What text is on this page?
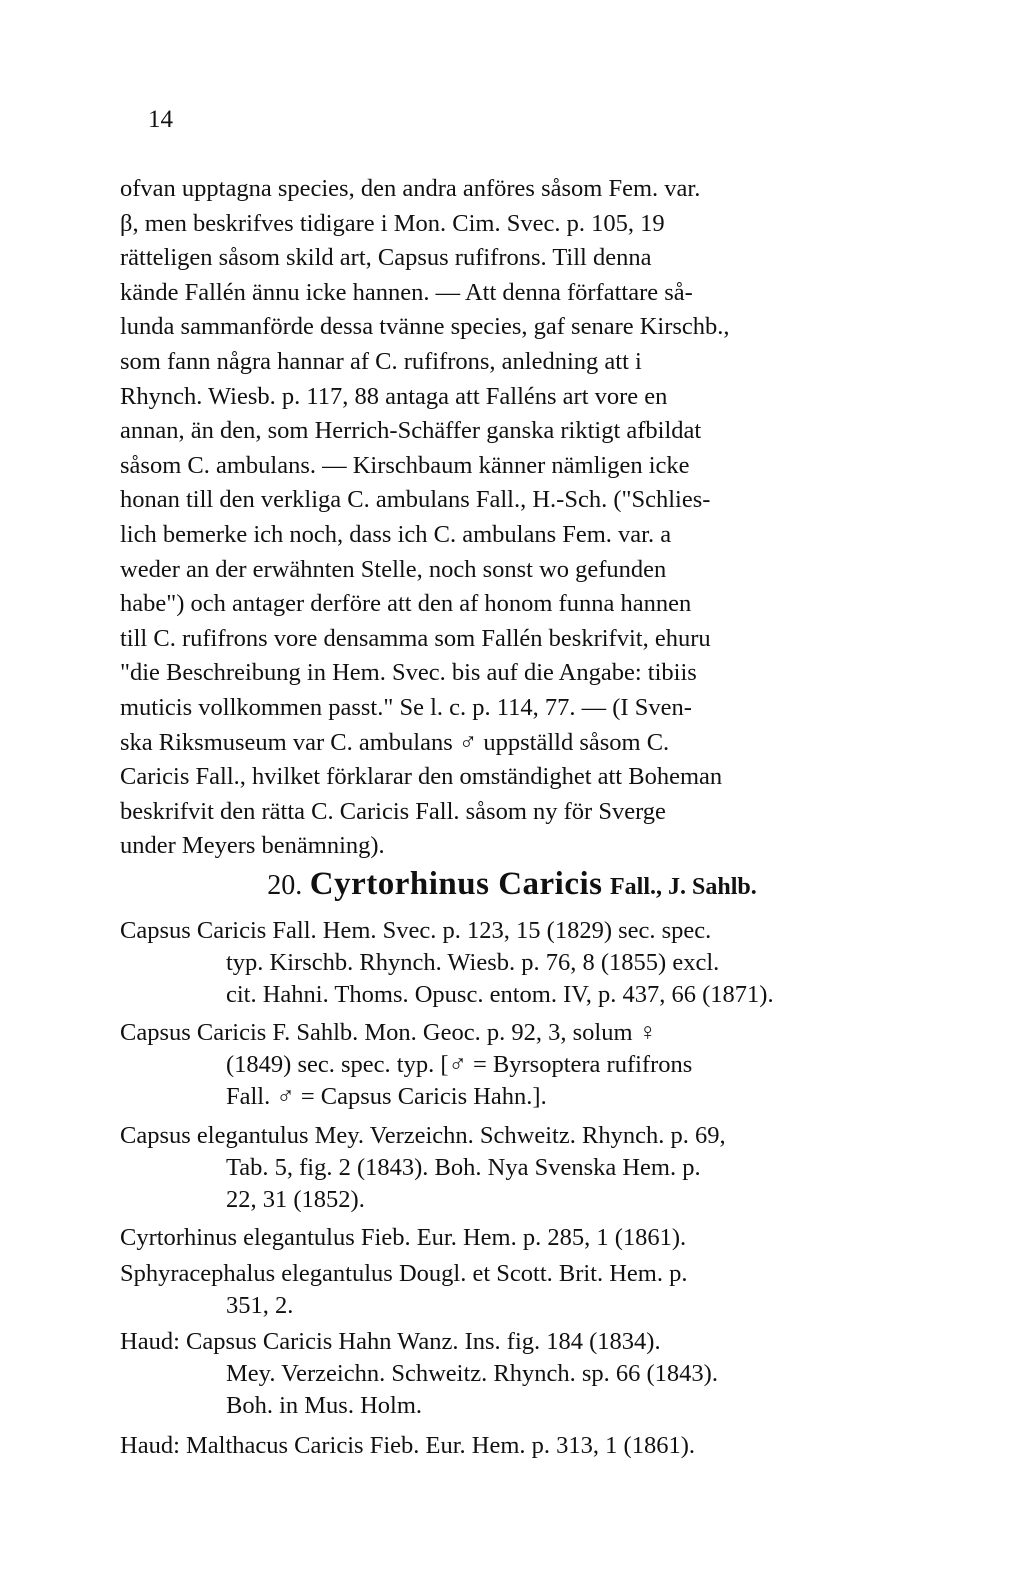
14
ofvan upptagna species, den andra anföres såsom Fem. var.
β, men beskrifves tidigare i Mon. Cim. Svec. p. 105, 19
rätteligen såsom skild art, Capsus rufifrons. Till denna
kände Fallén ännu icke hannen. — Att denna författare så-
lunda sammanförde dessa tvänne species, gaf senare Kirschb.,
som fann några hannar af C. rufifrons, anledning att i
Rhynch. Wiesb. p. 117, 88 antaga att Falléns art vore en
annan, än den, som Herrich-Schäffer ganska riktigt afbildat
såsom C. ambulans. — Kirschbaum känner nämligen icke
honan till den verkliga C. ambulans Fall., H.-Sch. ("Schlies-
lich bemerke ich noch, dass ich C. ambulans Fem. var. a
weder an der erwähnten Stelle, noch sonst wo gefunden
habe") och antager derföre att den af honom funna hannen
till C. rufifrons vore densamma som Fallén beskrifvit, ehuru
"die Beschreibung in Hem. Svec. bis auf die Angabe: tibiis
muticis vollkommen passt." Se l. c. p. 114, 77. — (I Sven-
ska Riksmuseum var C. ambulans ♂ uppställd såsom C.
Caricis Fall., hvilket förklarar den omständighet att Boheman
beskrifvit den rätta C. Caricis Fall. såsom ny för Sverge
under Meyers benämning).
20. Cyrtorhinus Caricis Fall., J. Sahlb.
Capsus Caricis Fall. Hem. Svec. p. 123, 15 (1829) sec. spec.
typ. Kirschb. Rhynch. Wiesb. p. 76, 8 (1855) excl.
cit. Hahni. Thoms. Opusc. entom. IV, p. 437, 66 (1871).
Capsus Caricis F. Sahlb. Mon. Geoc. p. 92, 3, solum ♀
(1849) sec. spec. typ. [♂ = Byrsoptera rufifrons
Fall. ♂ = Capsus Caricis Hahn.].
Capsus elegantulus Mey. Verzeichn. Schweitz. Rhynch. p. 69,
Tab. 5, fig. 2 (1843). Boh. Nya Svenska Hem. p.
22, 31 (1852).
Cyrtorhinus elegantulus Fieb. Eur. Hem. p. 285, 1 (1861).
Sphyracephalus elegantulus Dougl. et Scott. Brit. Hem. p.
351, 2.
Haud: Capsus Caricis Hahn Wanz. Ins. fig. 184 (1834).
Mey. Verzeichn. Schweitz. Rhynch. sp. 66 (1843).
Boh. in Mus. Holm.
Haud: Malthacus Caricis Fieb. Eur. Hem. p. 313, 1 (1861).
